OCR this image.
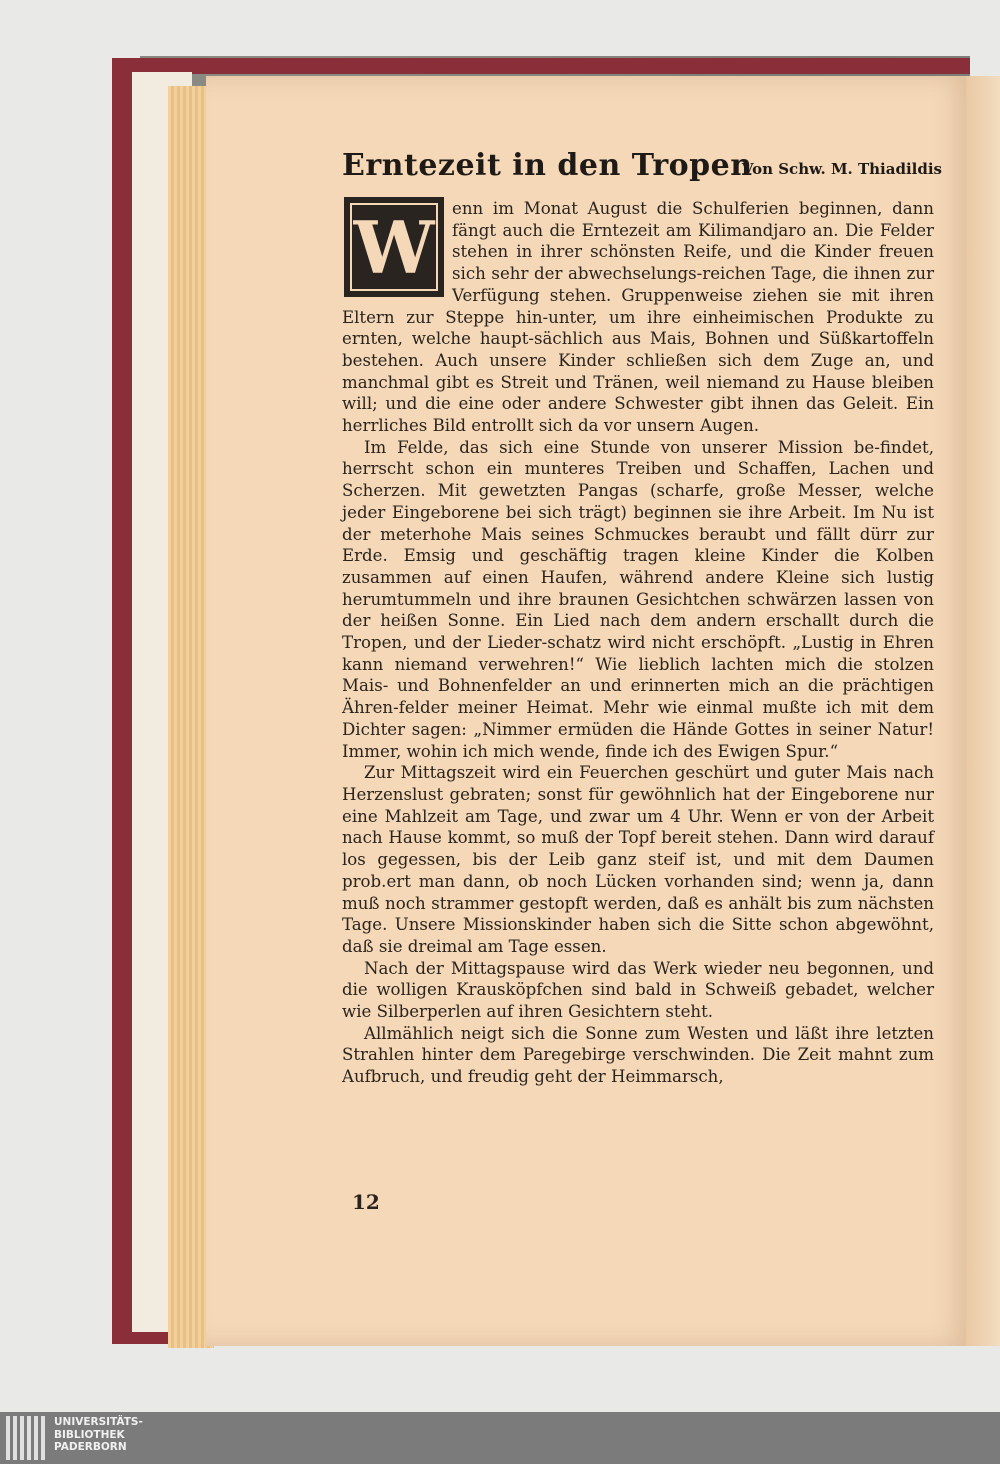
Erntezeit in den Tropen
Von Schw. M. Thiadildis
W	enn im Monat August die Schulferien beginnen, dann fängt auch die Erntezeit am Kilimandjaro an. Die Felder stehen in ihrer schönsten Reife, und die Kinder freuen sich sehr der abwechselungs-reichen Tage, die ihnen zur Verfügung stehen. Gruppenweise ziehen sie mit ihren Eltern zur Steppe hin-unter, um ihre einheimischen Produkte zu ernten, welche haupt-sächlich aus Mais, Bohnen und Süßkartoffeln bestehen. Auch unsere Kinder schließen sich dem Zuge an, und manchmal gibt es Streit und Tränen, weil niemand zu Hause bleiben will; und die eine oder andere Schwester gibt ihnen das Geleit. Ein herrliches Bild entrollt sich da vor unsern Augen.
Im Felde, das sich eine Stunde von unserer Mission be-findet, herrscht schon ein munteres Treiben und Schaffen, Lachen und Scherzen. Mit gewetzten Pangas (scharfe, große Messer, welche jeder Eingeborene bei sich trägt) beginnen sie ihre Arbeit. Im Nu ist der meterhohe Mais seines Schmuckes beraubt und fällt dürr zur Erde. Emsig und geschäftig tragen kleine Kinder die Kolben zusammen auf einen Haufen, während andere Kleine sich lustig herumtummeln und ihre braunen Gesichtchen schwärzen lassen von der heißen Sonne. Ein Lied nach dem andern erschallt durch die Tropen, und der Lieder-schatz wird nicht erschöpft. „Lustig in Ehren kann niemand verwehren!“ Wie lieblich lachten mich die stolzen Mais- und Bohnenfelder an und erinnerten mich an die prächtigen Ähren-felder meiner Heimat. Mehr wie einmal mußte ich mit dem Dichter sagen: „Nimmer ermüden die Hände Gottes in seiner Natur! Immer, wohin ich mich wende, finde ich des Ewigen Spur.“
Zur Mittagszeit wird ein Feuerchen geschürt und guter Mais nach Herzenslust gebraten; sonst für gewöhnlich hat der Eingeborene nur eine Mahlzeit am Tage, und zwar um 4 Uhr. Wenn er von der Arbeit nach Hause kommt, so muß der Topf bereit stehen. Dann wird darauf los gegessen, bis der Leib ganz steif ist, und mit dem Daumen prob.ert man dann, ob noch Lücken vorhanden sind; wenn ja, dann muß noch strammer gestopft werden, daß es anhält bis zum nächsten Tage. Unsere Missionskinder haben sich die Sitte schon abgewöhnt, daß sie dreimal am Tage essen.
Nach der Mittagspause wird das Werk wieder neu begonnen, und die wolligen Krausköpfchen sind bald in Schweiß gebadet, welcher wie Silberperlen auf ihren Gesichtern steht.
Allmählich neigt sich die Sonne zum Westen und läßt ihre letzten Strahlen hinter dem Paregebirge verschwinden. Die Zeit mahnt zum Aufbruch, und freudig geht der Heimmarsch,
12
UNIVERSITÄTS-
BIBLIOTHEK
PADERBORN
